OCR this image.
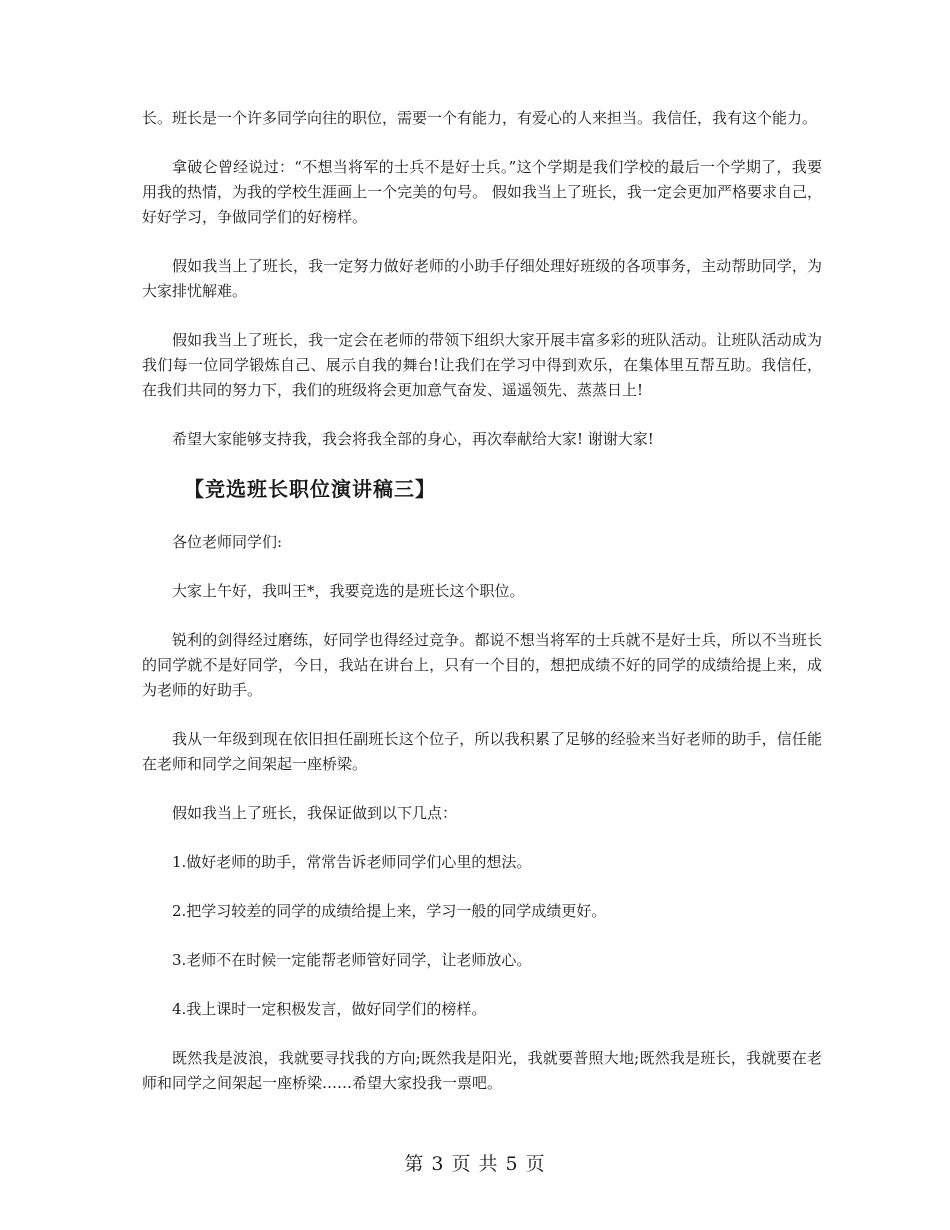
长。班长是一个许多同学向往的职位，需要一个有能力，有爱心的人来担当。我信任，我有这个能力。

拿破仑曾经说过：“不想当将军的士兵不是好士兵。”这个学期是我们学校的最后一个学期了，我要用我的热情，为我的学校生涯画上一个完美的句号。 假如我当上了班长，我一定会更加严格要求自己，好好学习，争做同学们的好榜样。

假如我当上了班长，我一定努力做好老师的小助手仔细处理好班级的各项事务，主动帮助同学，为大家排忧解难。

假如我当上了班长，我一定会在老师的带领下组织大家开展丰富多彩的班队活动。让班队活动成为我们每一位同学锻炼自己、展示自我的舞台!让我们在学习中得到欢乐，在集体里互帮互助。我信任，在我们共同的努力下，我们的班级将会更加意气奋发、遥遥领先、蒸蒸日上!

希望大家能够支持我，我会将我全部的身心，再次奉献给大家! 谢谢大家!

【竞选班长职位演讲稿三】

各位老师同学们:

大家上午好，我叫王*，我要竞选的是班长这个职位。

锐利的剑得经过磨练，好同学也得经过竞争。都说不想当将军的士兵就不是好士兵，所以不当班长的同学就不是好同学，今日，我站在讲台上，只有一个目的，想把成绩不好的同学的成绩给提上来，成为老师的好助手。

我从一年级到现在依旧担任副班长这个位子，所以我积累了足够的经验来当好老师的助手，信任能在老师和同学之间架起一座桥梁。

假如我当上了班长，我保证做到以下几点：

1.做好老师的助手，常常告诉老师同学们心里的想法。

2.把学习较差的同学的成绩给提上来，学习一般的同学成绩更好。

3.老师不在时候一定能帮老师管好同学，让老师放心。

4.我上课时一定积极发言，做好同学们的榜样。

既然我是波浪，我就要寻找我的方向;既然我是阳光，我就要普照大地;既然我是班长，我就要在老师和同学之间架起一座桥梁……希望大家投我一票吧。

第 3 页 共 5 页
